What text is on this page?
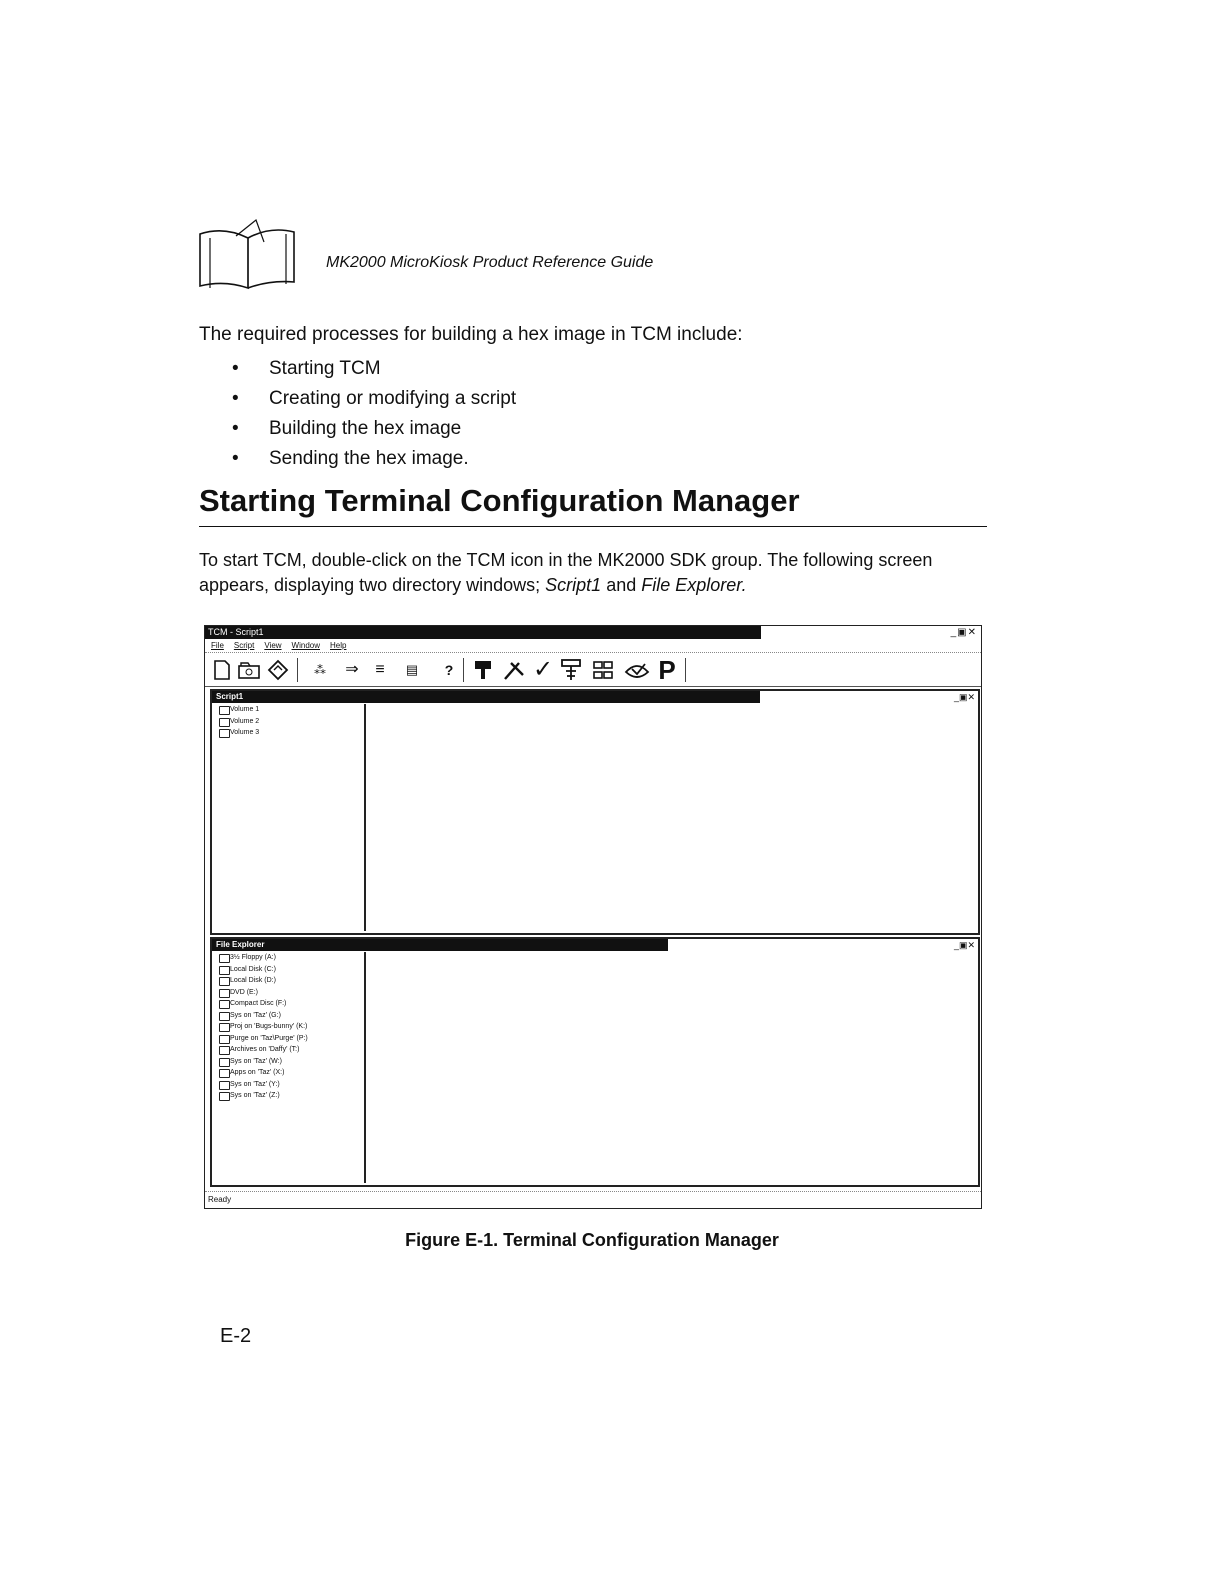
MK2000 MicroKiosk Product Reference Guide
The required processes for building a hex image in TCM include:
• Starting TCM
• Creating or modifying a script
• Building the hex image
• Sending the hex image.
Starting Terminal Configuration Manager
To start TCM, double-click on the TCM icon in the MK2000 SDK group. The following screen appears, displaying two directory windows; Script1 and File Explorer.
TCM - Script1	_▣✕
File Script View Window Help
⁂	⇒	≡	▤	?	✓	P
Script1	_▣✕
Volume 1
Volume 2
Volume 3
File Explorer	_▣✕
3½ Floppy (A:)
Local Disk (C:)
Local Disk (D:)
DVD (E:)
Compact Disc (F:)
Sys on 'Taz' (G:)
Proj on 'Bugs-bunny' (K:)
Purge on 'Taz\Purge' (P:)
Archives on 'Daffy' (T:)
Sys on 'Taz' (W:)
Apps on 'Taz' (X:)
Sys on 'Taz' (Y:)
Sys on 'Taz' (Z:)
Ready
Figure E-1. Terminal Configuration Manager
E-2
